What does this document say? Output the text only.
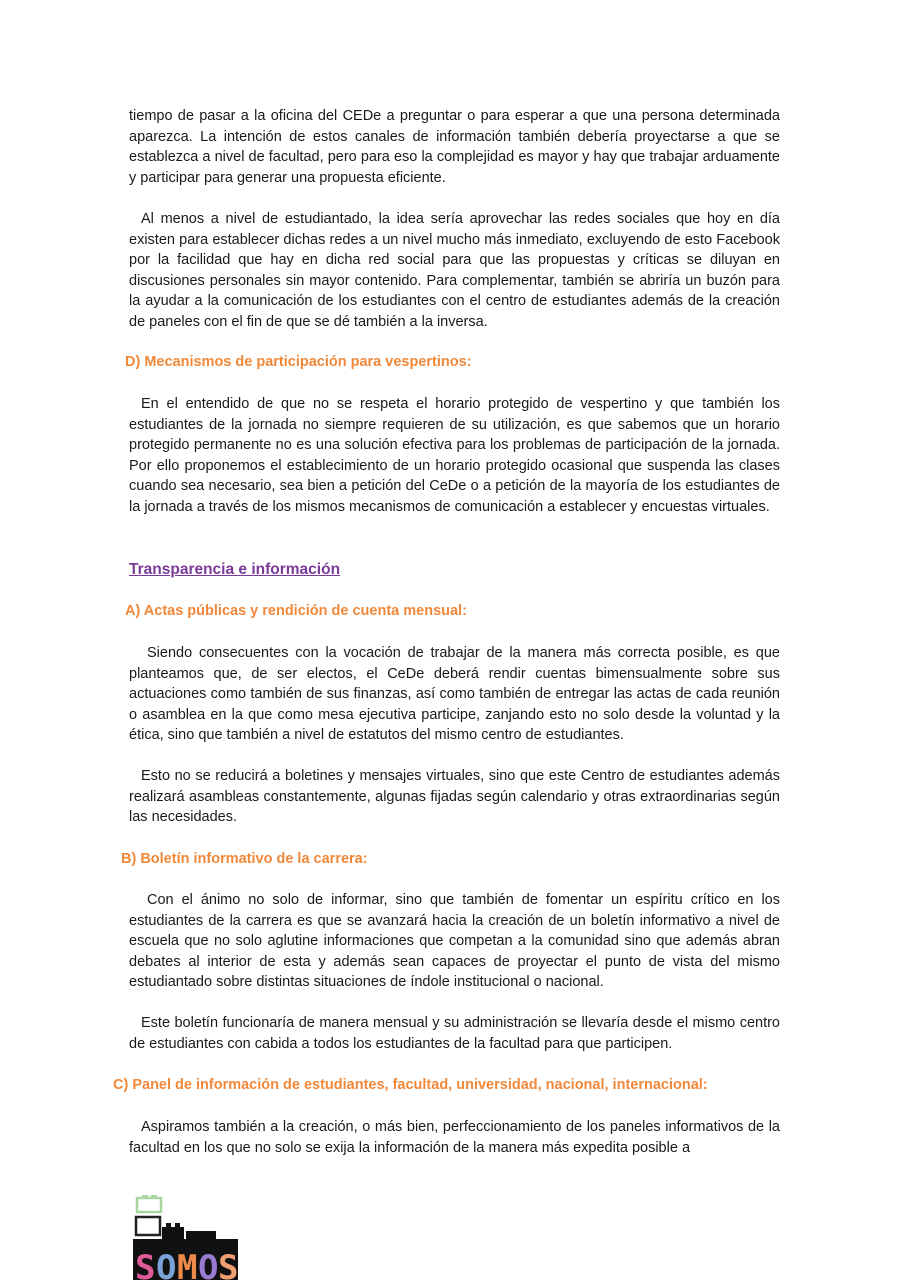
tiempo de pasar a la oficina del CEDe a preguntar o para esperar a que una persona determinada aparezca. La intención de estos canales de información también debería proyectarse a que se establezca a nivel de facultad, pero para eso la complejidad es mayor y hay que trabajar arduamente y participar para generar una propuesta eficiente.

Al menos a nivel de estudiantado, la idea sería aprovechar las redes sociales que hoy en día existen para establecer dichas redes a un nivel mucho más inmediato, excluyendo de esto Facebook por la facilidad que hay en dicha red social para que las propuestas y críticas se diluyan en discusiones personales sin mayor contenido. Para complementar, también se abriría un buzón para la ayudar a la comunicación de los estudiantes con el centro de estudiantes además de la creación de paneles con el fin de que se dé también a la inversa.

D) Mecanismos de participación para vespertinos:

En el entendido de que no se respeta el horario protegido de vespertino y que también los estudiantes de la jornada no siempre requieren de su utilización, es que sabemos que un horario protegido permanente no es una solución efectiva para los problemas de participación de la jornada. Por ello proponemos el establecimiento de un horario protegido ocasional que suspenda las clases cuando sea necesario, sea bien a petición del CeDe o a petición de la mayoría de los estudiantes de la jornada a través de los mismos mecanismos de comunicación a establecer y encuestas virtuales.

Transparencia e información
A) Actas públicas y rendición de cuenta mensual:

Siendo consecuentes con la vocación de trabajar de la manera más correcta posible, es que planteamos que, de ser electos, el CeDe deberá rendir cuentas bimensualmente sobre sus actuaciones como también de sus finanzas, así como también de entregar las actas de cada reunión o asamblea en la que como mesa ejecutiva participe, zanjando esto no solo desde la voluntad y la ética, sino que también a nivel de estatutos del mismo centro de estudiantes.

Esto no se reducirá a boletines y mensajes virtuales, sino que este Centro de estudiantes además realizará asambleas constantemente, algunas fijadas según calendario y otras extraordinarias según las necesidades.

B) Boletín informativo de la carrera:

Con el ánimo no solo de informar, sino que también de fomentar un espíritu crítico en los estudiantes de la carrera es que se avanzará hacia la creación de un boletín informativo a nivel de escuela que no solo aglutine informaciones que competan a la comunidad sino que además abran debates al interior de esta y además sean capaces de proyectar el punto de vista del mismo estudiantado sobre distintas situaciones de índole institucional o nacional.

Este boletín funcionaría de manera mensual y su administración se llevaría desde el mismo centro de estudiantes con cabida a todos los estudiantes de la facultad para que participen.

C) Panel de información de estudiantes, facultad, universidad, nacional, internacional:

Aspiramos también a la creación, o más bien, perfeccionamiento de los paneles informativos de la facultad en los que no solo se exija la información de la manera más expedita posible a

S O M O S
